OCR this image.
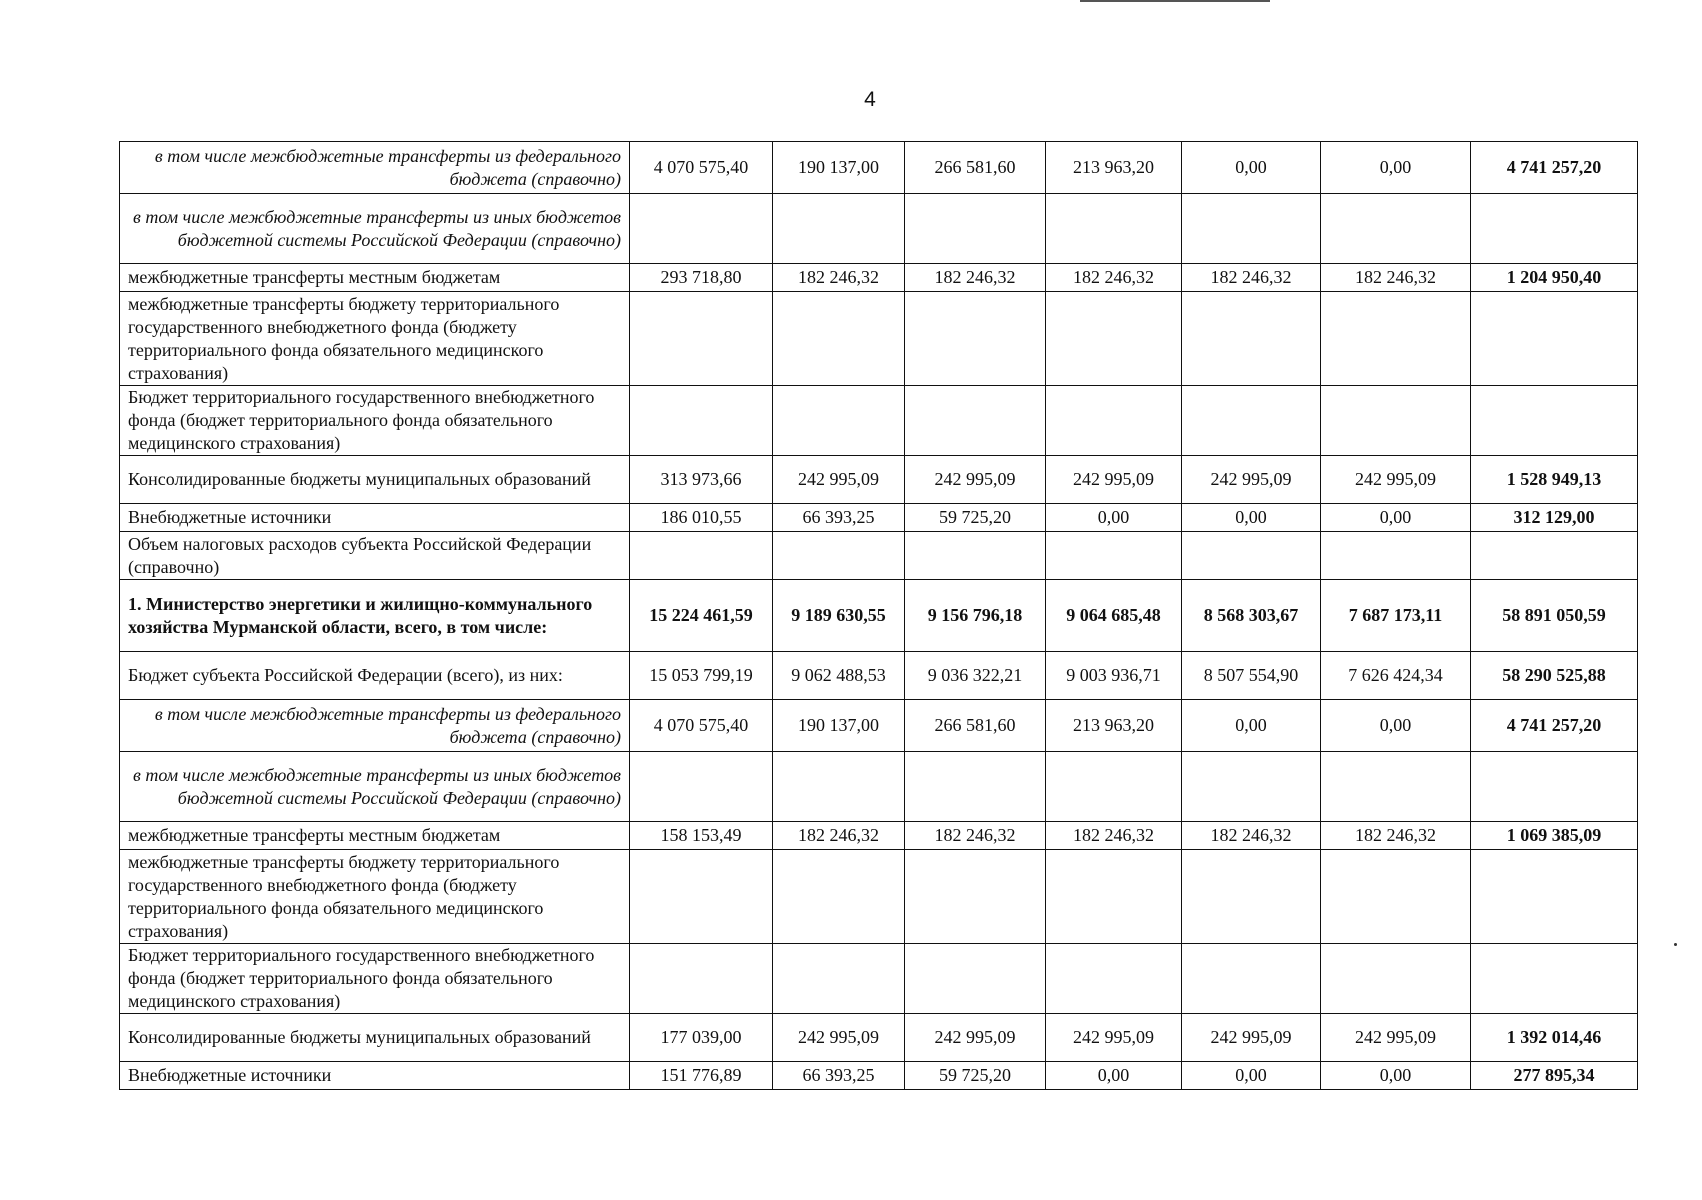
4
в том числе межбюджетные трансферты из федерального бюджета (справочно)	4 070 575,40	190 137,00	266 581,60	213 963,20	0,00	0,00	4 741 257,20
в том числе межбюджетные трансферты из иных бюджетов бюджетной системы Российской Федерации (справочно)							
межбюджетные трансферты местным бюджетам	293 718,80	182 246,32	182 246,32	182 246,32	182 246,32	182 246,32	1 204 950,40
межбюджетные трансферты бюджету территориального государственного внебюджетного фонда (бюджету территориального фонда обязательного медицинского страхования)							
Бюджет территориального государственного внебюджетного фонда (бюджет территориального фонда обязательного медицинского страхования)							
Консолидированные бюджеты муниципальных образований	313 973,66	242 995,09	242 995,09	242 995,09	242 995,09	242 995,09	1 528 949,13
Внебюджетные источники	186 010,55	66 393,25	59 725,20	0,00	0,00	0,00	312 129,00
Объем налоговых расходов субъекта Российской Федерации (справочно)							
1. Министерство энергетики и жилищно-коммунального хозяйства Мурманской области, всего, в том числе:	15 224 461,59	9 189 630,55	9 156 796,18	9 064 685,48	8 568 303,67	7 687 173,11	58 891 050,59
Бюджет субъекта Российской Федерации (всего), из них:	15 053 799,19	9 062 488,53	9 036 322,21	9 003 936,71	8 507 554,90	7 626 424,34	58 290 525,88
в том числе межбюджетные трансферты из федерального бюджета (справочно)	4 070 575,40	190 137,00	266 581,60	213 963,20	0,00	0,00	4 741 257,20
в том числе межбюджетные трансферты из иных бюджетов бюджетной системы Российской Федерации (справочно)							
межбюджетные трансферты местным бюджетам	158 153,49	182 246,32	182 246,32	182 246,32	182 246,32	182 246,32	1 069 385,09
межбюджетные трансферты бюджету территориального государственного внебюджетного фонда (бюджету территориального фонда обязательного медицинского страхования)							
Бюджет территориального государственного внебюджетного фонда (бюджет территориального фонда обязательного медицинского страхования)							
Консолидированные бюджеты муниципальных образований	177 039,00	242 995,09	242 995,09	242 995,09	242 995,09	242 995,09	1 392 014,46
Внебюджетные источники	151 776,89	66 393,25	59 725,20	0,00	0,00	0,00	277 895,34
